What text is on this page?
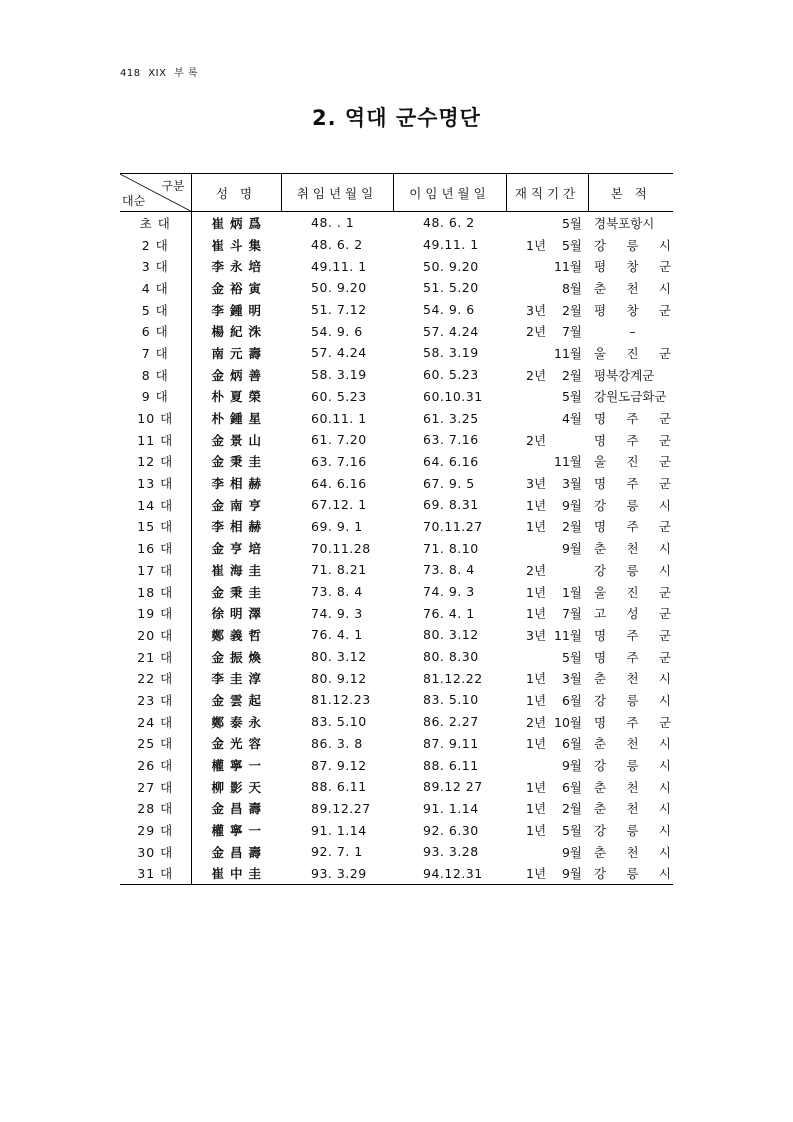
418 XIX 부 록
2. 역대 군수명단
구분
대순	성 명	취임년월일	이임년월일	재직기간	본 적
초 대	崔炳爲	48. . 1	48. 6. 2	5월	경북포항시
2 대	崔斗集	48. 6. 2	49.11. 1	1년 5월	강 릉 시
3 대	李永培	49.11. 1	50. 9.20	11월	평 창 군
4 대	金裕寅	50. 9.20	51. 5.20	8월	춘 천 시
5 대	李鍾明	51. 7.12	54. 9. 6	3년 2월	평 창 군
6 대	楊紀洙	54. 9. 6	57. 4.24	2년 7월	–
7 대	南元壽	57. 4.24	58. 3.19	11월	울 진 군
8 대	金炳善	58. 3.19	60. 5.23	2년 2월	평북강계군
9 대	朴夏榮	60. 5.23	60.10.31	5월	강원도금화군
10 대	朴鍾星	60.11. 1	61. 3.25	4월	명 주 군
11 대	金景山	61. 7.20	63. 7.16	2년	명 주 군
12 대	金秉圭	63. 7.16	64. 6.16	11월	울 진 군
13 대	李相赫	64. 6.16	67. 9. 5	3년 3월	명 주 군
14 대	金南亨	67.12. 1	69. 8.31	1년 9월	강 릉 시
15 대	李相赫	69. 9. 1	70.11.27	1년 2월	명 주 군
16 대	金亨培	70.11.28	71. 8.10	9월	춘 천 시
17 대	崔海圭	71. 8.21	73. 8. 4	2년	강 릉 시
18 대	金秉圭	73. 8. 4	74. 9. 3	1년 1월	울 진 군
19 대	徐明澤	74. 9. 3	76. 4. 1	1년 7월	고 성 군
20 대	鄭義哲	76. 4. 1	80. 3.12	3년 11월	명 주 군
21 대	金振煥	80. 3.12	80. 8.30	5월	명 주 군
22 대	李圭淳	80. 9.12	81.12.22	1년 3월	춘 천 시
23 대	金雲起	81.12.23	83. 5.10	1년 6월	강 릉 시
24 대	鄭泰永	83. 5.10	86. 2.27	2년 10월	명 주 군
25 대	金光容	86. 3. 8	87. 9.11	1년 6월	춘 천 시
26 대	權寧一	87. 9.12	88. 6.11	9월	강 릉 시
27 대	柳影天	88. 6.11	89.12 27	1년 6월	춘 천 시
28 대	金昌壽	89.12.27	91. 1.14	1년 2월	춘 천 시
29 대	權寧一	91. 1.14	92. 6.30	1년 5월	강 릉 시
30 대	金昌壽	92. 7. 1	93. 3.28	9월	춘 천 시
31 대	崔中圭	93. 3.29	94.12.31	1년 9월	강 릉 시
